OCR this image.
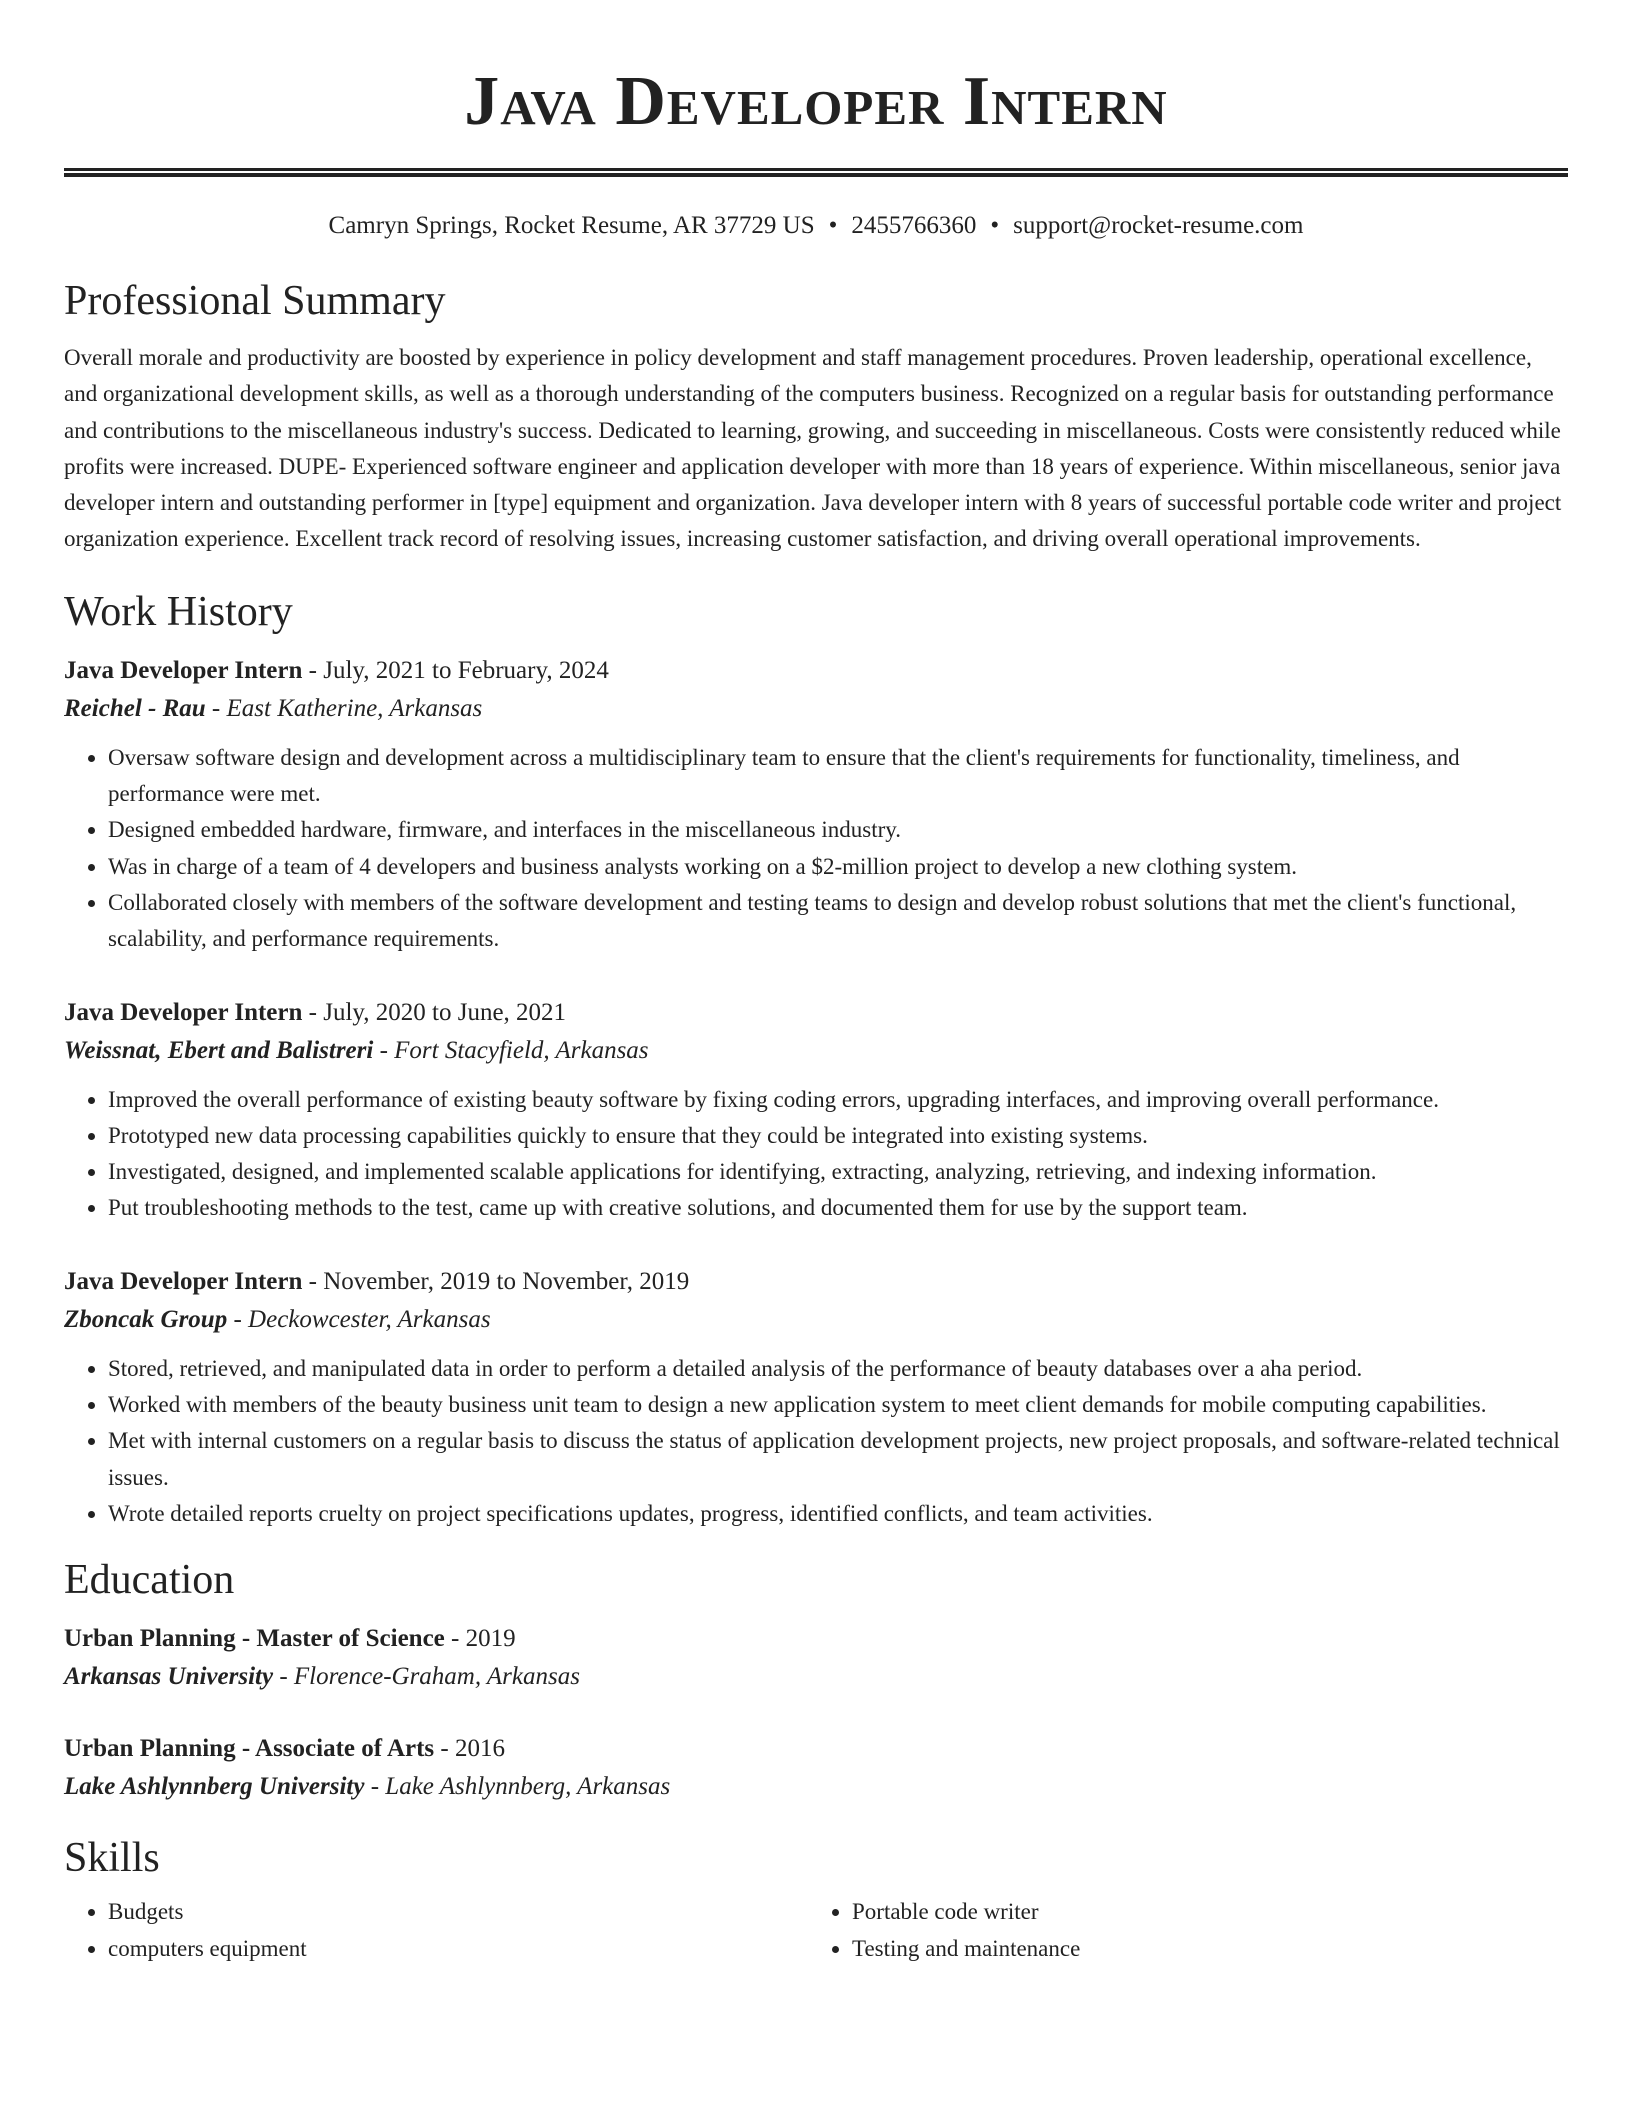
Java Developer Intern
Camryn Springs, Rocket Resume, AR 37729 US • 2455766360 • support@rocket-resume.com
Professional Summary

Overall morale and productivity are boosted by experience in policy development and staff management procedures. Proven leadership, operational excellence, and organizational development skills, as well as a thorough understanding of the computers business. Recognized on a regular basis for outstanding performance and contributions to the miscellaneous industry's success. Dedicated to learning, growing, and succeeding in miscellaneous. Costs were consistently reduced while profits were increased. DUPE- Experienced software engineer and application developer with more than 18 years of experience. Within miscellaneous, senior java developer intern and outstanding performer in [type] equipment and organization. Java developer intern with 8 years of successful portable code writer and project organization experience. Excellent track record of resolving issues, increasing customer satisfaction, and driving overall operational improvements.

Work History
Java Developer Intern - July, 2021 to February, 2024
Reichel - Rau - East Katherine, Arkansas
• Oversaw software design and development across a multidisciplinary team to ensure that the client's requirements for functionality, timeliness, and performance were met.
• Designed embedded hardware, firmware, and interfaces in the miscellaneous industry.
• Was in charge of a team of 4 developers and business analysts working on a $2-million project to develop a new clothing system.
• Collaborated closely with members of the software development and testing teams to design and develop robust solutions that met the client's functional, scalability, and performance requirements.
Java Developer Intern - July, 2020 to June, 2021
Weissnat, Ebert and Balistreri - Fort Stacyfield, Arkansas
• Improved the overall performance of existing beauty software by fixing coding errors, upgrading interfaces, and improving overall performance.
• Prototyped new data processing capabilities quickly to ensure that they could be integrated into existing systems.
• Investigated, designed, and implemented scalable applications for identifying, extracting, analyzing, retrieving, and indexing information.
• Put troubleshooting methods to the test, came up with creative solutions, and documented them for use by the support team.
Java Developer Intern - November, 2019 to November, 2019
Zboncak Group - Deckowcester, Arkansas
• Stored, retrieved, and manipulated data in order to perform a detailed analysis of the performance of beauty databases over a aha period.
• Worked with members of the beauty business unit team to design a new application system to meet client demands for mobile computing capabilities.
• Met with internal customers on a regular basis to discuss the status of application development projects, new project proposals, and software-related technical issues.
• Wrote detailed reports cruelty on project specifications updates, progress, identified conflicts, and team activities.
Education
Urban Planning - Master of Science - 2019
Arkansas University - Florence-Graham, Arkansas
Urban Planning - Associate of Arts - 2016
Lake Ashlynnberg University - Lake Ashlynnberg, Arkansas
Skills
• Budgets
• computers equipment
• Portable code writer
• Testing and maintenance
